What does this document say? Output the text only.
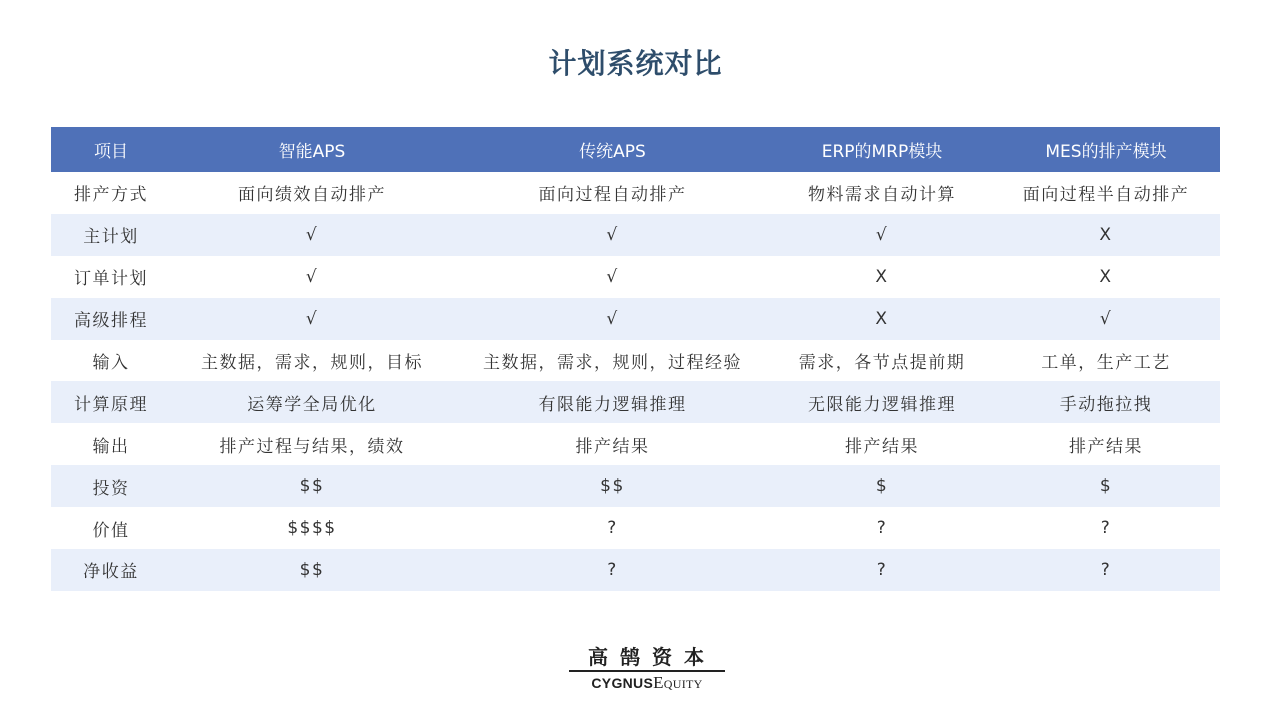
计划系统对比
项目	智能APS	传统APS	ERP的MRP模块	MES的排产模块
排产方式	面向绩效自动排产	面向过程自动排产	物料需求自动计算	面向过程半自动排产
主计划	√	√	√	X
订单计划	√	√	X	X
高级排程	√	√	X	√
输入	主数据，需求，规则，目标	主数据，需求，规则，过程经验	需求，各节点提前期	工单，生产工艺
计算原理	运筹学全局优化	有限能力逻辑推理	无限能力逻辑推理	手动拖拉拽
输出	排产过程与结果，绩效	排产结果	排产结果	排产结果
投资	$$	$$	$	$
价值	$$$$	?	?	?
净收益	$$	?	?	?
高鹄资本
CYGNUSEquity
